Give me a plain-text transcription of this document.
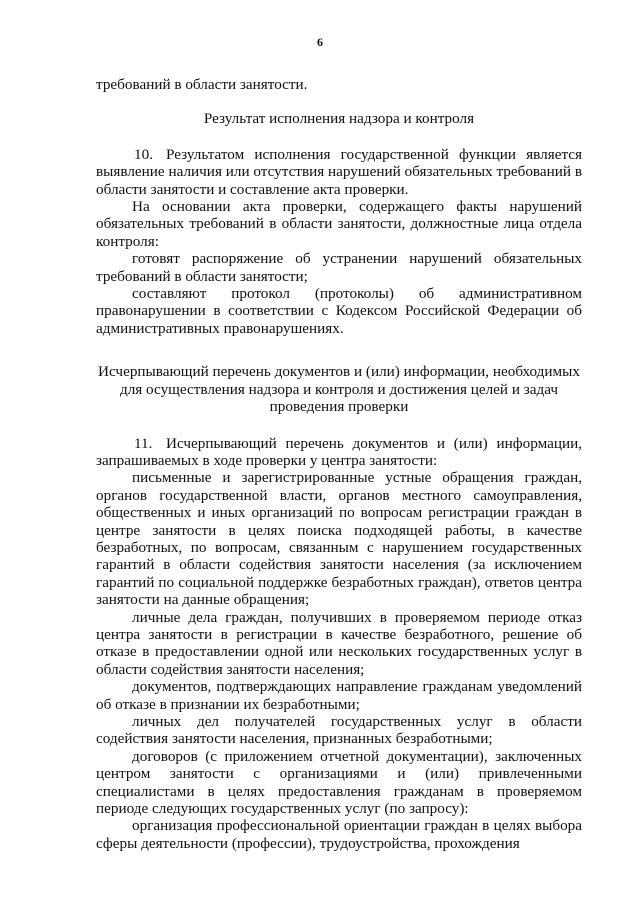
6

требований в области занятости.

Результат исполнения надзора и контроля

10. Результатом исполнения государственной функции является выявление наличия или отсутствия нарушений обязательных требований в области занятости и составление акта проверки.

На основании акта проверки, содержащего факты нарушений обязательных требований в области занятости, должностные лица отдела контроля:

готовят распоряжение об устранении нарушений обязательных требований в области занятости;

составляют протокол (протоколы) об административном правонарушении в соответствии с Кодексом Российской Федерации об административных правонарушениях.

Исчерпывающий перечень документов и (или) информации, необходимых для осуществления надзора и контроля и достижения целей и задач проведения проверки

11. Исчерпывающий перечень документов и (или) информации, запрашиваемых в ходе проверки у центра занятости:

письменные и зарегистрированные устные обращения граждан, органов государственной власти, органов местного самоуправления, общественных и иных организаций по вопросам регистрации граждан в центре занятости в целях поиска подходящей работы, в качестве безработных, по вопросам, связанным с нарушением государственных гарантий в области содействия занятости населения (за исключением гарантий по социальной поддержке безработных граждан), ответов центра занятости на данные обращения;

личные дела граждан, получивших в проверяемом периоде отказ центра занятости в регистрации в качестве безработного, решение об отказе в предоставлении одной или нескольких государственных услуг в области содействия занятости населения;

документов, подтверждающих направление гражданам уведомлений об отказе в признании их безработными;

личных дел получателей государственных услуг в области содействия занятости населения, признанных безработными;

договоров (с приложением отчетной документации), заключенных центром занятости с организациями и (или) привлеченными специалистами в целях предоставления гражданам в проверяемом периоде следующих государственных услуг (по запросу):

организация профессиональной ориентации граждан в целях выбора сферы деятельности (профессии), трудоустройства, прохождения
